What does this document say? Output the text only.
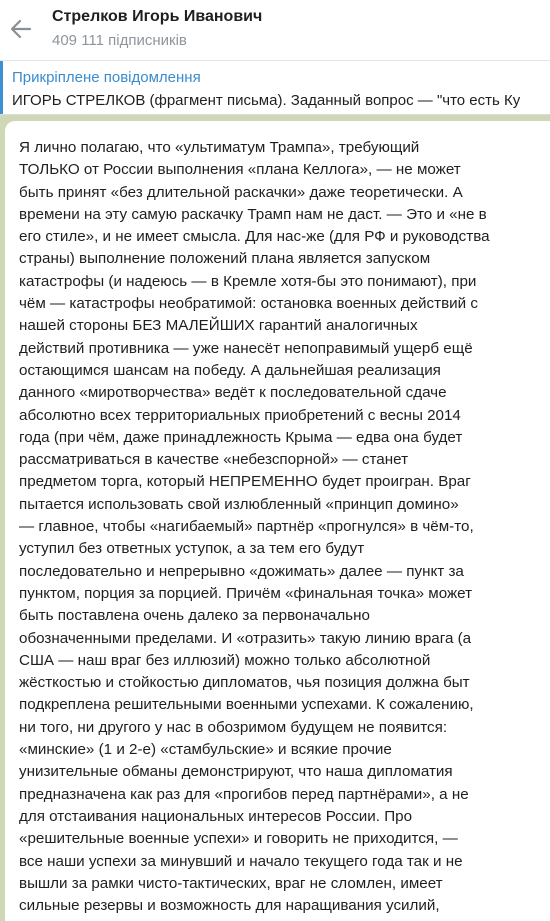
Стрелков Игорь Иванович
409 111 підписників
Прикріплене повідомлення
ИГОРЬ СТРЕЛКОВ (фрагмент письма). Заданный вопрос — "что есть Ку

Я лично полагаю, что «ультиматум Трампа», требующий
ТОЛЬКО от России выполнения «плана Келлога», — не может
быть принят «без длительной раскачки» даже теоретически. А
времени на эту самую раскачку Трамп нам не даст. — Это и «не в
его стиле», и не имеет смысла. Для нас-же (для РФ и руководства
страны) выполнение положений плана является запуском
катастрофы (и надеюсь — в Кремле хотя-бы это понимают), при
чём — катастрофы необратимой: остановка военных действий с
нашей стороны БЕЗ МАЛЕЙШИХ гарантий аналогичных
действий противника — уже нанесёт непоправимый ущерб ещё
остающимся шансам на победу. А дальнейшая реализация
данного «миротворчества» ведёт к последовательной сдаче
абсолютно всех территориальных приобретений с весны 2014
года (при чём, даже принадлежность Крыма — едва она будет
рассматриваться в качестве «небезспорной» — станет
предметом торга, который НЕПРЕМЕННО будет проигран. Враг
пытается использовать свой излюбленный «принцип домино»
— главное, чтобы «нагибаемый» партнёр «прогнулся» в чём-то,
уступил без ответных уступок, а за тем его будут
последовательно и непрерывно «дожимать» далее — пункт за
пунктом, порция за порцией. Причём «финальная точка» может
быть поставлена очень далеко за первоначально
обозначенными пределами. И «отразить» такую линию врага (а
США — наш враг без иллюзий) можно только абсолютной
жёсткостью и стойкостью дипломатов, чья позиция должна быт
подкреплена решительными военными успехами. К сожалению,
ни того, ни другого у нас в обозримом будущем не появится:
«минские» (1 и 2-е) «стамбульские» и всякие прочие
унизительные обманы демонстрируют, что наша дипломатия
предназначена как раз для «прогибов перед партнёрами», а не
для отстаивания национальных интересов России. Про
«решительные военные успехи» и говорить не приходится, —
все наши успехи за минувший и начало текущего года так и не
вышли за рамки чисто-тактических, враг не сломлен, имеет
сильные резервы и возможность для наращивания усилий,
